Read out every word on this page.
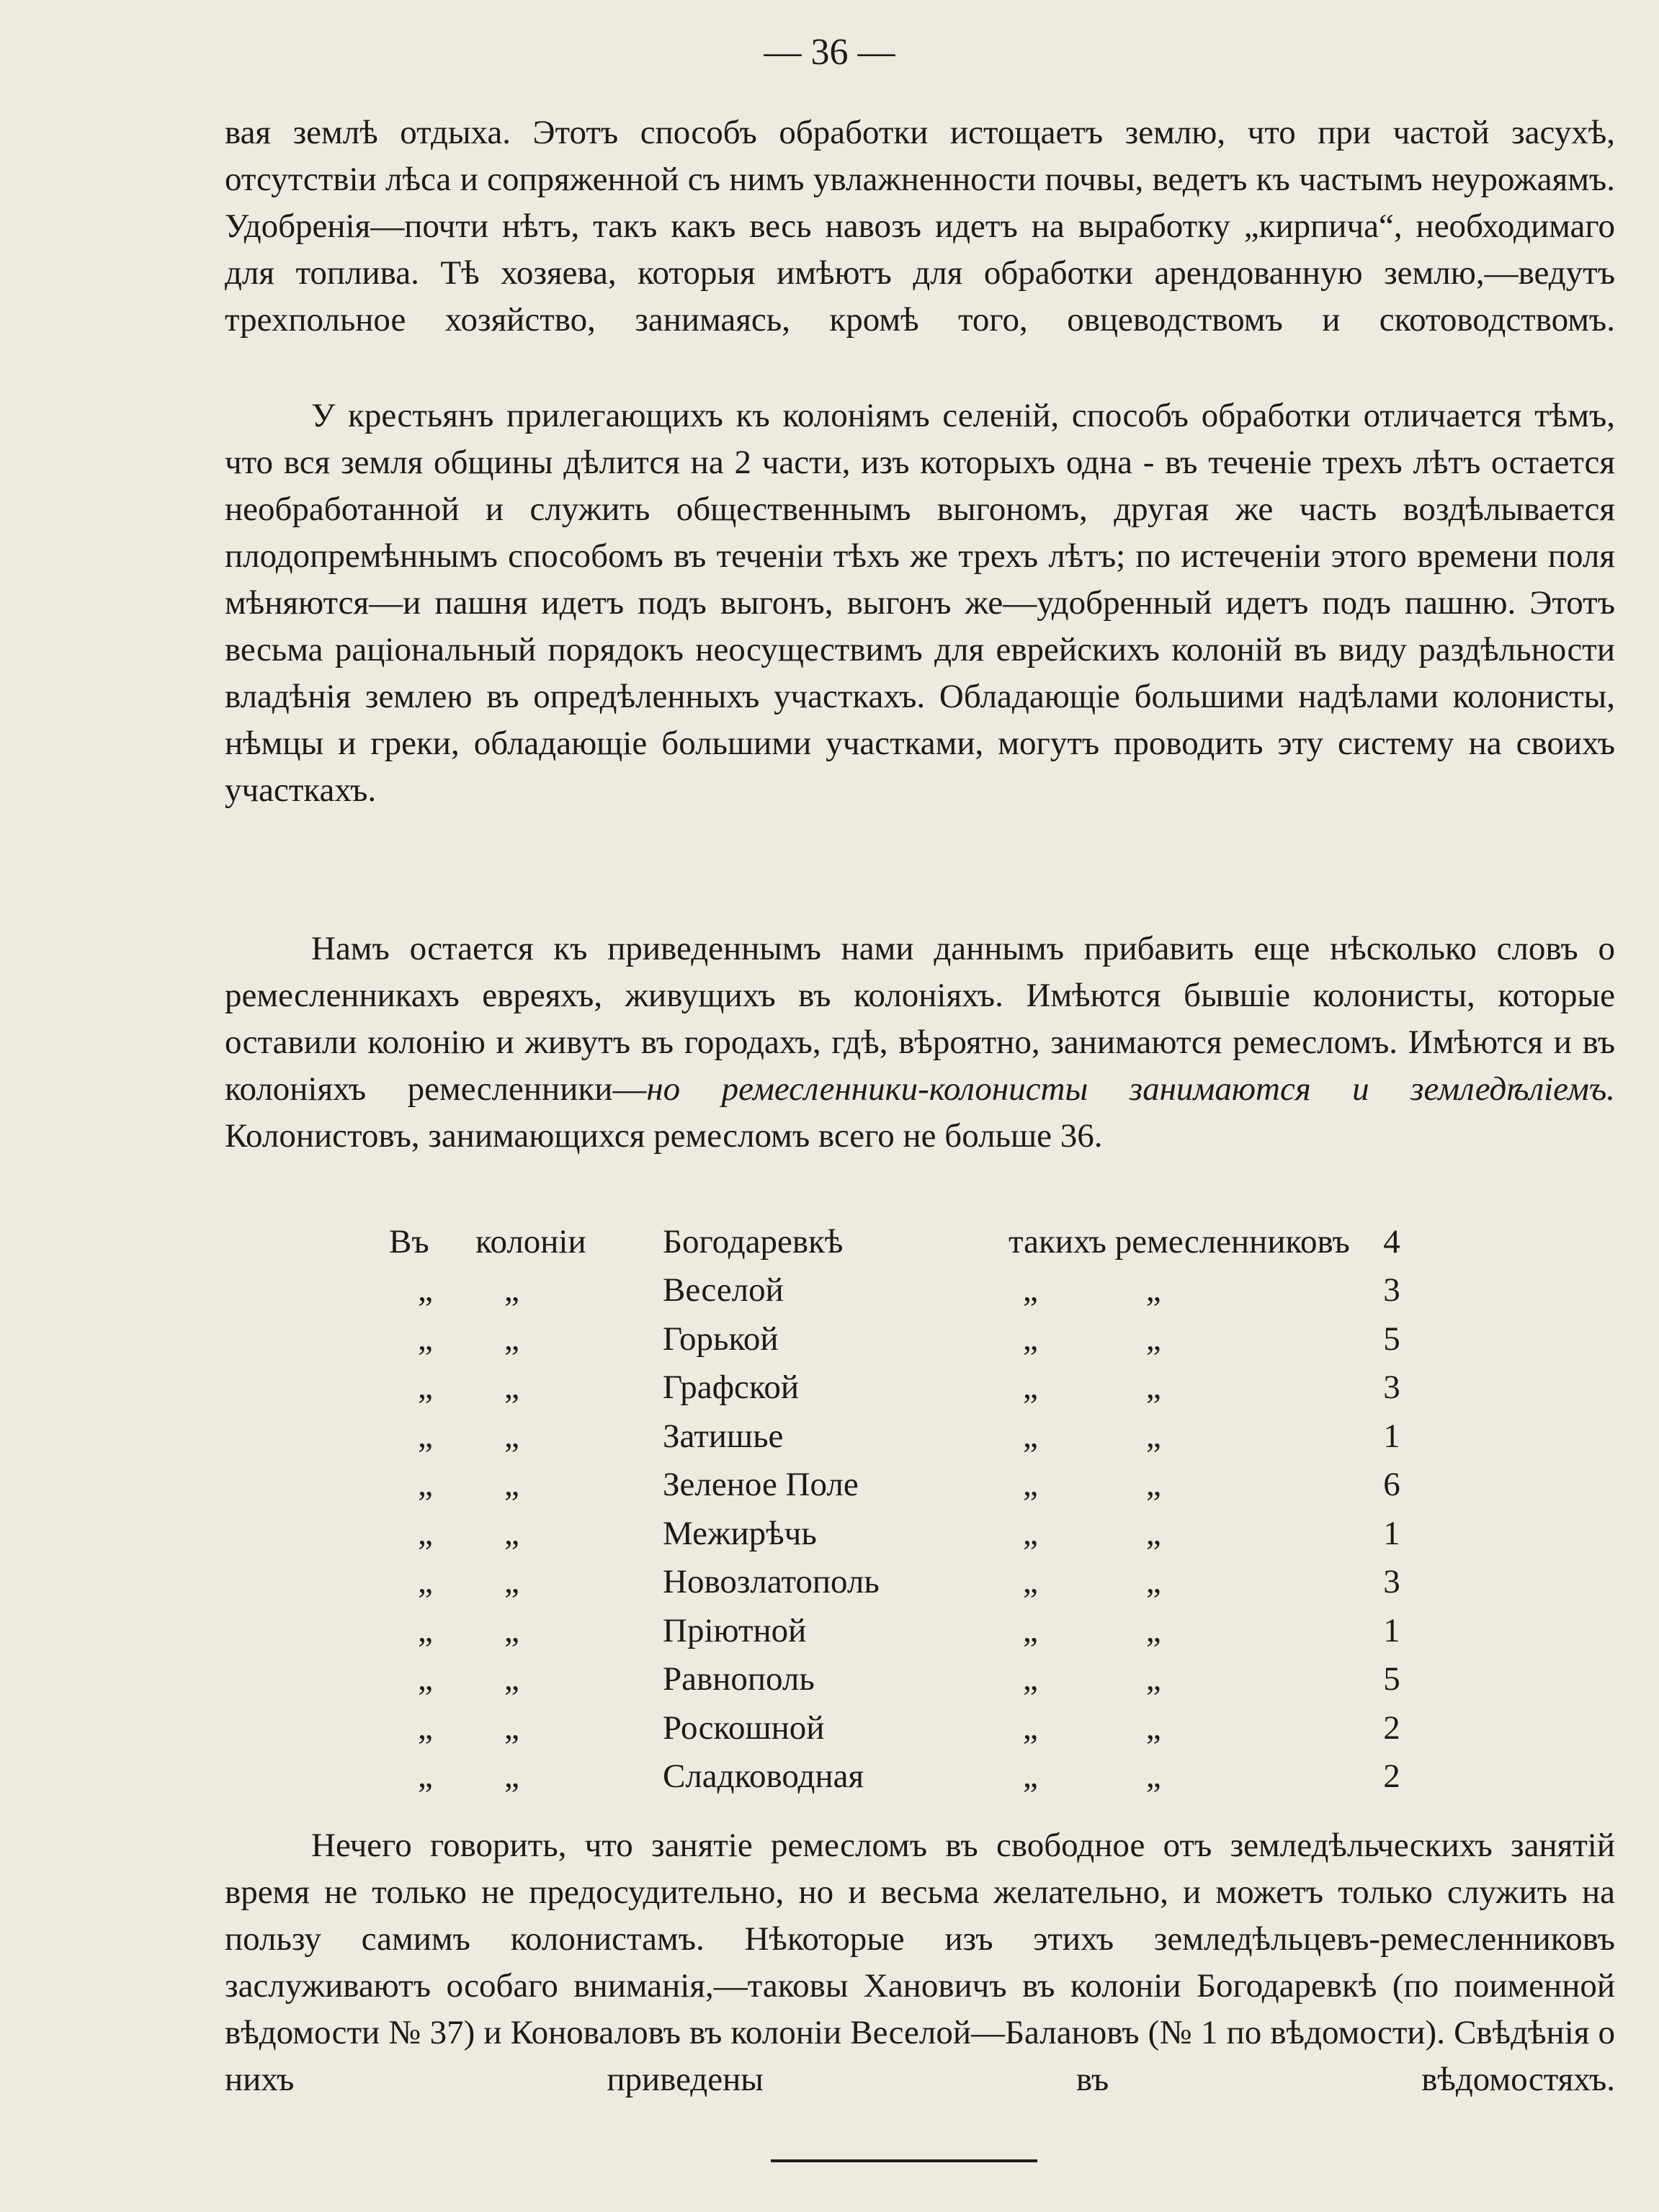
— 36 —

вая землѣ отдыха. Этотъ способъ обработки истощаетъ землю, что при частой засухѣ, отсутствіи лѣса и сопряженной съ нимъ увлажненности почвы, ведетъ къ частымъ неурожаямъ. Удобренія—почти нѣтъ, такъ какъ весь навозъ идетъ на выработку „кирпича“, необходимаго для топлива. Тѣ хозяева, которыя имѣютъ для обработки арендованную землю,—ведутъ трехпольное хозяйство, занимаясь, кромѣ того, овцеводствомъ и скотоводствомъ.

У крестьянъ прилегающихъ къ колоніямъ селеній, способъ обработки отличается тѣмъ, что вся земля общины дѣлится на 2 части, изъ которыхъ одна - въ теченіе трехъ лѣтъ остается необработанной и служить общественнымъ выгономъ, другая же часть воздѣлывается плодопремѣннымъ способомъ въ теченіи тѣхъ же трехъ лѣтъ; по истеченіи этого времени поля мѣняются—и пашня идетъ подъ выгонъ, выгонъ же—удобренный идетъ подъ пашню. Этотъ весьма раціональный порядокъ неосуществимъ для еврейскихъ колоній въ виду раздѣльности владѣнія землею въ опредѣленныхъ участкахъ. Обладающіе большими надѣлами колонисты, нѣмцы и греки, обладающіе большими участками, могутъ проводить эту систему на своихъ участкахъ.

Намъ остается къ приведеннымъ нами даннымъ прибавить еще нѣсколько словъ о ремесленникахъ евреяхъ, живущихъ въ колоніяхъ. Имѣются бывшіе колонисты, которые оставили колонію и живутъ въ городахъ, гдѣ, вѣроятно, занимаются ремесломъ. Имѣются и въ колоніяхъ ремесленники—но ремесленники-колонисты занимаются и земледѣліемъ. Колонистовъ, занимающихся ремесломъ всего не больше 36.

Въ	колоніи	Богодаревкѣ	такихъ ремесленниковъ	4
„	„	Веселой	„ „	3
„	„	Горькой	„ „	5
„	„	Графской	„ „	3
„	„	Затишье	„ „	1
„	„	Зеленое Поле	„ „	6
„	„	Межирѣчь	„ „	1
„	„	Новозлатополь	„ „	3
„	„	Пріютной	„ „	1
„	„	Равнополь	„ „	5
„	„	Роскошной	„ „	2
„	„	Сладководная	„ „	2

Нечего говорить, что занятіе ремесломъ въ свободное отъ земледѣльческихъ занятій время не только не предосудительно, но и весьма желательно, и можетъ только служить на пользу самимъ колонистамъ. Нѣкоторые изъ этихъ земледѣльцевъ-ремесленниковъ заслуживаютъ особаго вниманія,—таковы Хановичъ въ колоніи Богодаревкѣ (по поименной вѣдомости № 37) и Коноваловъ въ колоніи Веселой—Балановъ (№ 1 по вѣдомости). Свѣдѣнія о нихъ приведены въ вѣдомостяхъ.
